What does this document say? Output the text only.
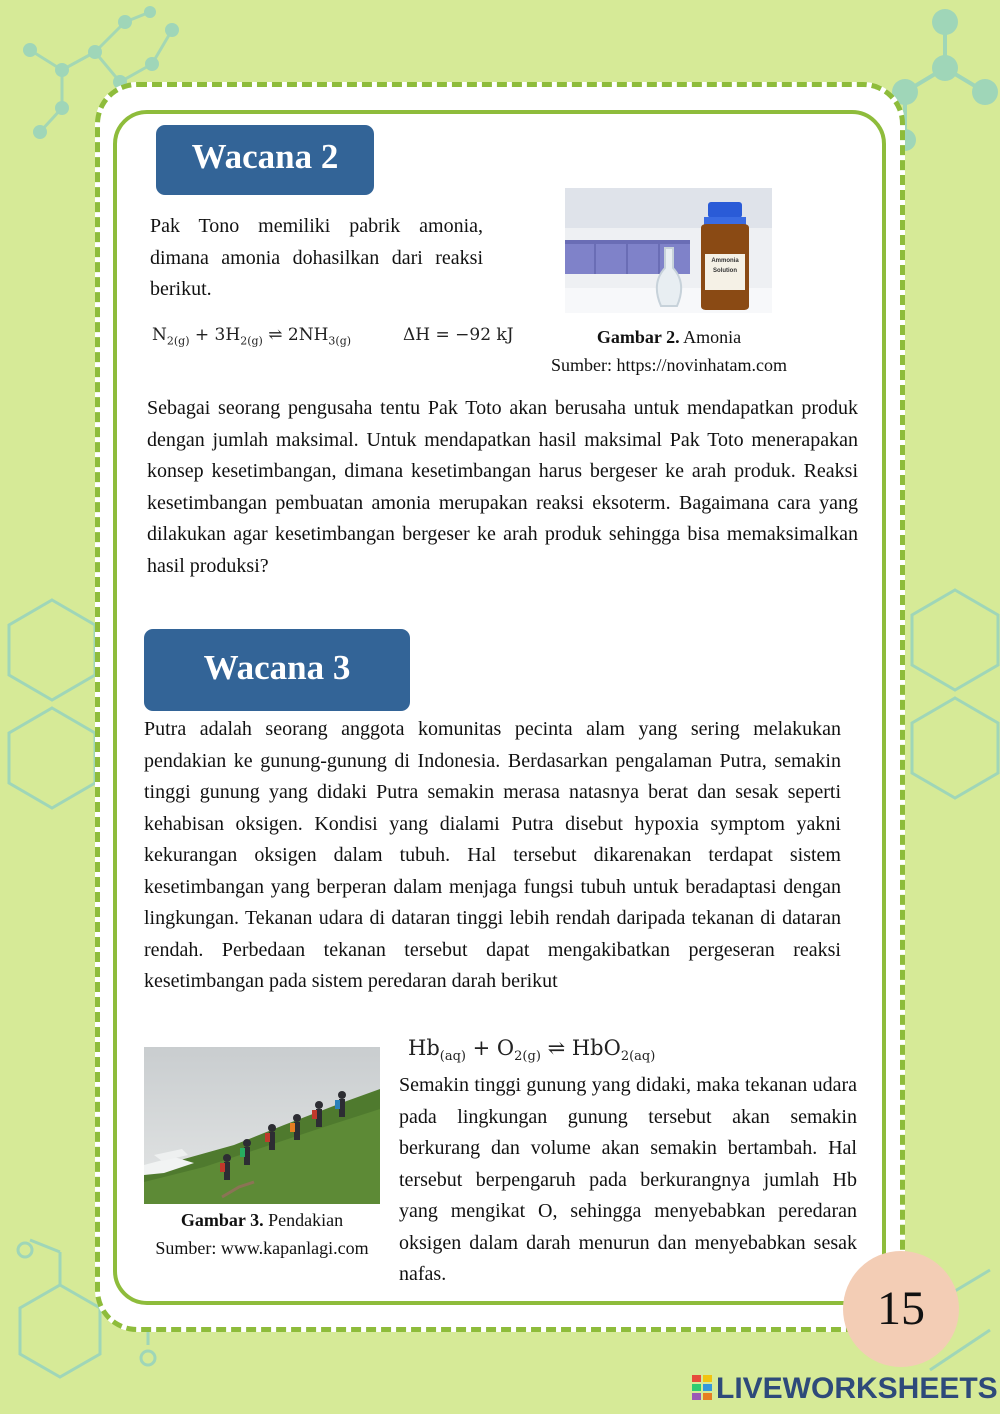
Wacana 2

Pak Tono memiliki pabrik amonia, dimana amonia dohasilkan dari reaksi berikut.

$N_{2(g)} + 3H_{2(g)}$ ⇌ $2NH_{3(g)}$	ΔH = −92 kJ
Ammonia
Solution
Gambar 2. Amonia
Sumber: https://novinhatam.com

Sebagai seorang pengusaha tentu Pak Toto akan berusaha untuk mendapatkan produk dengan jumlah maksimal. Untuk mendapatkan hasil maksimal Pak Toto menerapakan konsep kesetimbangan, dimana kesetimbangan harus bergeser ke arah produk. Reaksi kesetimbangan pembuatan amonia merupakan reaksi eksoterm. Bagaimana cara yang dilakukan agar kesetimbangan bergeser ke arah produk sehingga bisa memaksimalkan hasil produksi?

Wacana 3

Putra adalah seorang anggota komunitas pecinta alam yang sering melakukan pendakian ke gunung-gunung di Indonesia. Berdasarkan pengalaman Putra, semakin tinggi gunung yang didaki Putra semakin merasa natasnya berat dan sesak seperti kehabisan oksigen. Kondisi yang dialami Putra disebut hypoxia symptom yakni kekurangan oksigen dalam tubuh. Hal tersebut dikarenakan terdapat sistem kesetimbangan yang berperan dalam menjaga fungsi tubuh untuk beradaptasi dengan lingkungan. Tekanan udara di dataran tinggi lebih rendah daripada tekanan di dataran rendah. Perbedaan tekanan tersebut dapat mengakibatkan pergeseran reaksi kesetimbangan pada sistem peredaran darah berikut

$Hb_{(aq)} + O_{2(g)}$ ⇌ HbO$_{2(aq)}$
Gambar 3. Pendakian
Sumber: www.kapanlagi.com

Semakin tinggi gunung yang didaki, maka tekanan udara pada lingkungan gunung tersebut akan semakin berkurang dan volume akan semakin bertambah. Hal tersebut berpengaruh pada berkurangnya jumlah Hb yang mengikat O, sehingga menyebabkan peredaran oksigen dalam darah menurun dan menyebabkan sesak nafas.

15
LIVEWORKSHEETS
